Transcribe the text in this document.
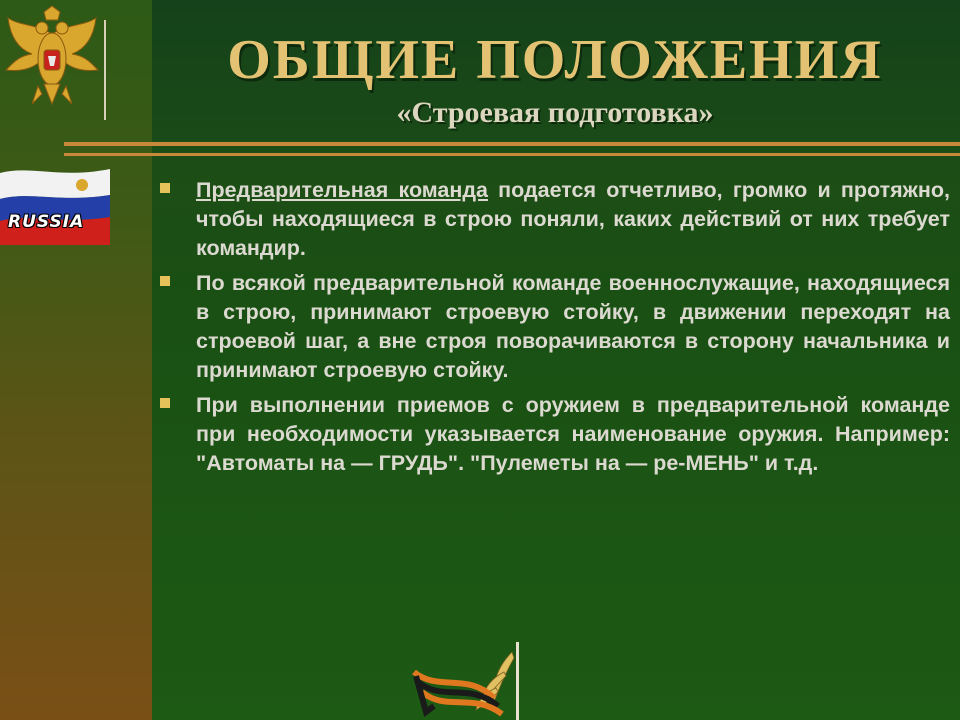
RUSSIA
ОБЩИЕ ПОЛОЖЕНИЯ
«Строевая подготовка»
Предварительная команда подается отчетливо, громко и протяжно, чтобы находящиеся в строю поняли, каких действий от них требует командир.
По всякой предварительной команде военнослужащие, находящиеся в строю, принимают строевую стойку, в движении переходят на строевой шаг, а вне строя поворачиваются в сторону начальника и принимают строевую стойку.
При выполнении приемов с оружием в предварительной команде при необходимости указывается наименование оружия. Например: "Автоматы на — ГРУДЬ". "Пулеметы на — ре-МЕНЬ" и т.д.
